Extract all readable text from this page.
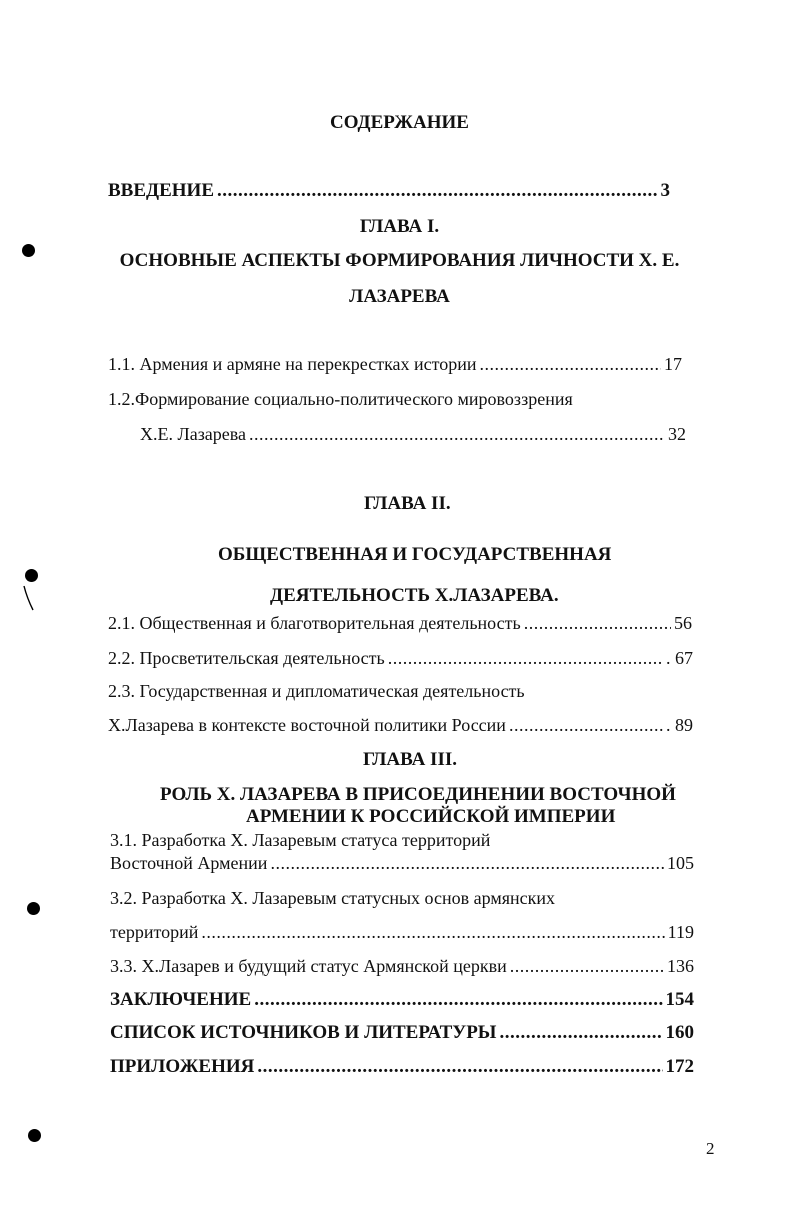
СОДЕРЖАНИЕ
ВВЕДЕНИЕ .....	3
ГЛАВА I.
ОСНОВНЫЕ АСПЕКТЫ ФОРМИРОВАНИЯ ЛИЧНОСТИ Х. Е.
ЛАЗАРЕВА
1.1. Армения и армяне на перекрестках истории .....	17
1.2.Формирование социально-политического мировоззрения
Х.Е. Лазарева .....	32
ГЛАВА II.
ОБЩЕСТВЕННАЯ И ГОСУДАРСТВЕННАЯ
ДЕЯТЕЛЬНОСТЬ Х.ЛАЗАРЕВА.
2.1. Общественная и благотворительная деятельность .....	56
2.2. Просветительская деятельность .....	. 67
2.3. Государственная и дипломатическая деятельность
Х.Лазарева в контексте восточной политики России .....	. 89
ГЛАВА III.
РОЛЬ Х. ЛАЗАРЕВА В ПРИСОЕДИНЕНИИ ВОСТОЧНОЙ
АРМЕНИИ К РОССИЙСКОЙ ИМПЕРИИ
3.1. Разработка Х. Лазаревым статуса территорий
Восточной Армении .....	105
3.2. Разработка Х. Лазаревым статусных основ армянских
территорий .....	119
3.3. Х.Лазарев и будущий статус Армянской церкви .....	136
ЗАКЛЮЧЕНИЕ .....	154
СПИСОК ИСТОЧНИКОВ И ЛИТЕРАТУРЫ .....	160
ПРИЛОЖЕНИЯ .....	172
2
